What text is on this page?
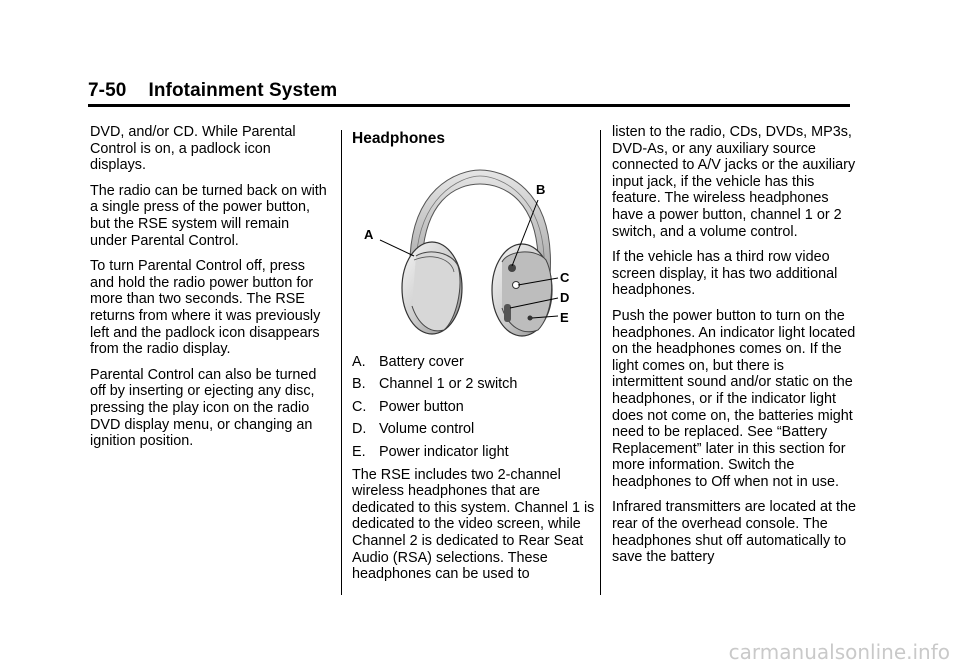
7-50 Infotainment System

DVD, and/or CD. While Parental Control is on, a padlock icon displays.

The radio can be turned back on with a single press of the power button, but the RSE system will remain under Parental Control.

To turn Parental Control off, press and hold the radio power button for more than two seconds. The RSE returns from where it was previously left and the padlock icon disappears from the radio display.

Parental Control can also be turned off by inserting or ejecting any disc, pressing the play icon on the radio DVD display menu, or changing an ignition position.

Headphones
A
B
C
D
E
A. Battery cover
B. Channel 1 or 2 switch
C. Power button
D. Volume control
E. Power indicator light

The RSE includes two 2-channel wireless headphones that are dedicated to this system. Channel 1 is dedicated to the video screen, while Channel 2 is dedicated to Rear Seat Audio (RSA) selections. These headphones can be used to

listen to the radio, CDs, DVDs, MP3s, DVD-As, or any auxiliary source connected to A/V jacks or the auxiliary input jack, if the vehicle has this feature. The wireless headphones have a power button, channel 1 or 2 switch, and a volume control.

If the vehicle has a third row video screen display, it has two additional headphones.

Push the power button to turn on the headphones. An indicator light located on the headphones comes on. If the light comes on, but there is intermittent sound and/or static on the headphones, or if the indicator light does not come on, the batteries might need to be replaced. See “Battery Replacement” later in this section for more information. Switch the headphones to Off when not in use.

Infrared transmitters are located at the rear of the overhead console. The headphones shut off automatically to save the battery

carmanualsonline.info
